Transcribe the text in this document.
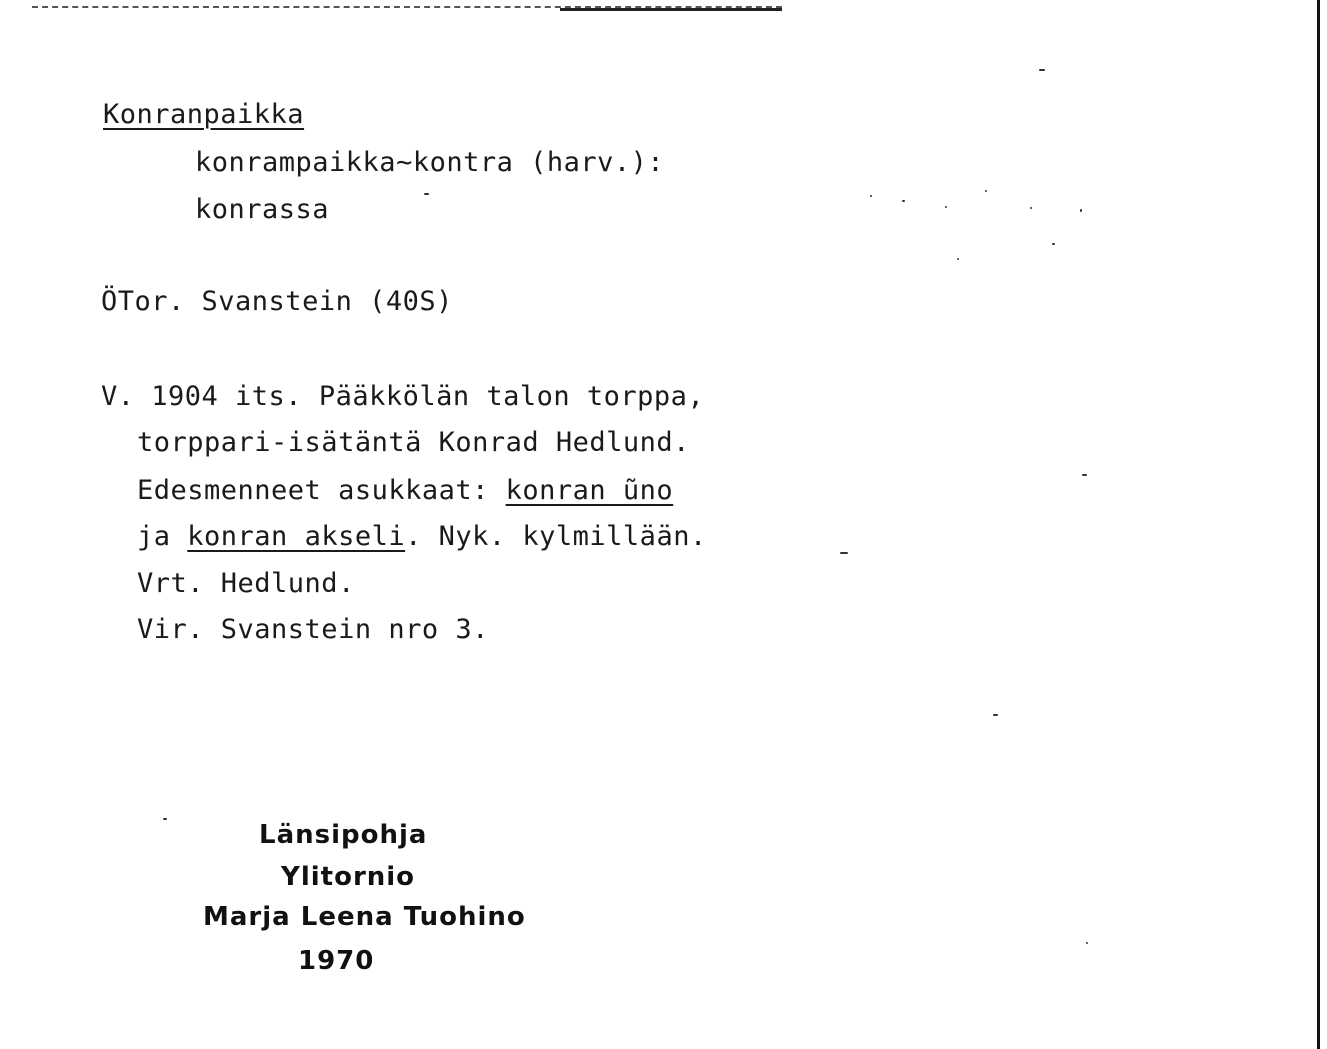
Konranpaikka
konrampaikka~kontra (harv.):
konrassa
ÖTor. Svanstein (40S)
V. 1904 its. Pääkkölän talon torppa,
torppari-isätäntä Konrad Hedlund.
Edesmenneet asukkaat: konran ũno
ja konran akseli. Nyk. kylmillään.
Vrt. Hedlund.
Vir. Svanstein nro 3.
Länsipohja
Ylitornio
Marja Leena Tuohino
1970
